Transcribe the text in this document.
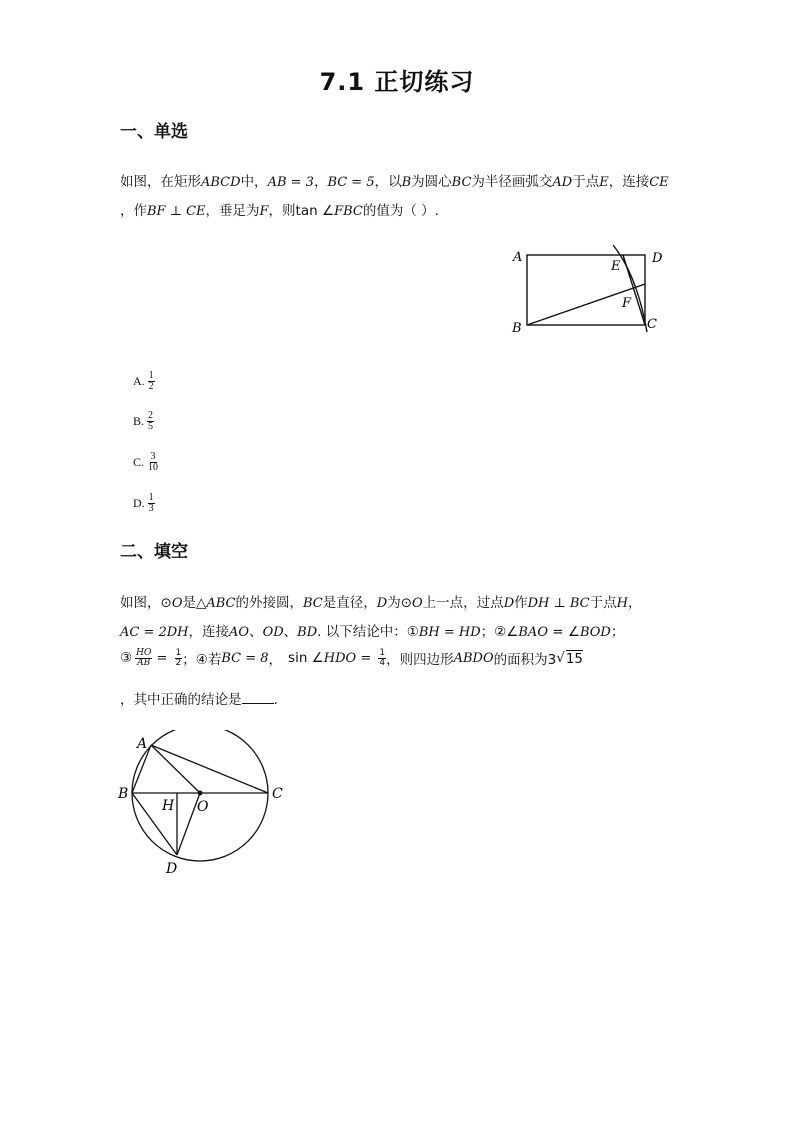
7.1 正切练习
一、单选
如图，在矩形ABCD中，AB = 3，BC = 5，以B为圆心BC为半径画弧交AD于点E，连接CE
，作BF ⊥ CE，垂足为F，则tan ∠FBC的值为（ ）.
A	D
E
F
B	C
A. $\frac{1}{2}$
B. $\frac{2}{5}$
C. $\frac{3}{10}$
D. $\frac{1}{3}$
二、填空
如图，⊙O是△ABC的外接圆，BC是直径，D为⊙O上一点，过点D作DH ⊥ BC于点H，
AC = 2DH，连接AO、OD、BD. 以下结论中：①BH = HD；②∠BAO = ∠BOD；
③ $\frac{HO}{AB} = \frac{1}{2}$ ；④若 BC = 8 ， sin ∠ HDO = $\frac{1}{4}$ ，则四边形 ABDO 的面积为3 √ 15
，其中正确的结论是 .
A
B	C
H O
D
